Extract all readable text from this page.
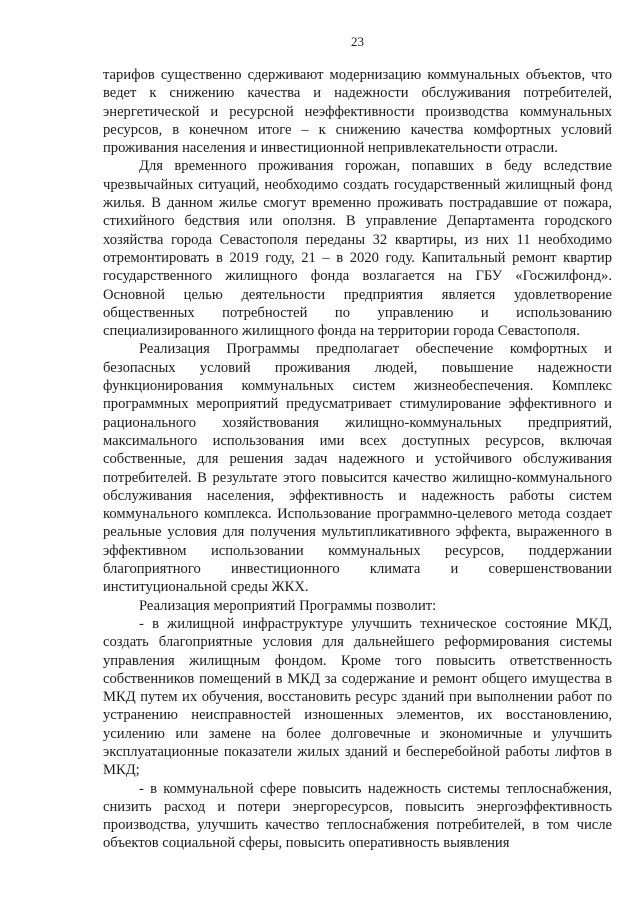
23

тарифов существенно сдерживают модернизацию коммунальных объектов, что ведет к снижению качества и надежности обслуживания потребителей, энергетической и ресурсной неэффективности производства коммунальных ресурсов, в конечном итоге – к снижению качества комфортных условий проживания населения и инвестиционной непривлекательности отрасли.

Для временного проживания горожан, попавших в беду вследствие чрезвычайных ситуаций, необходимо создать государственный жилищный фонд жилья. В данном жилье смогут временно проживать пострадавшие от пожара, стихийного бедствия или оползня. В управление Департамента городского хозяйства города Севастополя переданы 32 квартиры, из них 11 необходимо отремонтировать в 2019 году, 21 – в 2020 году. Капитальный ремонт квартир государственного жилищного фонда возлагается на ГБУ «Госжилфонд». Основной целью деятельности предприятия является удовлетворение общественных потребностей по управлению и использованию специализированного жилищного фонда на территории города Севастополя.

Реализация Программы предполагает обеспечение комфортных и безопасных условий проживания людей, повышение надежности функционирования коммунальных систем жизнеобеспечения. Комплекс программных мероприятий предусматривает стимулирование эффективного и рационального хозяйствования жилищно-коммунальных предприятий, максимального использования ими всех доступных ресурсов, включая собственные, для решения задач надежного и устойчивого обслуживания потребителей. В результате этого повысится качество жилищно-коммунального обслуживания населения, эффективность и надежность работы систем коммунального комплекса. Использование программно-целевого метода создает реальные условия для получения мультипликативного эффекта, выраженного в эффективном использовании коммунальных ресурсов, поддержании благоприятного инвестиционного климата и совершенствовании институциональной среды ЖКХ.

Реализация мероприятий Программы позволит:

- в жилищной инфраструктуре улучшить техническое состояние МКД, создать благоприятные условия для дальнейшего реформирования системы управления жилищным фондом. Кроме того повысить ответственность собственников помещений в МКД за содержание и ремонт общего имущества в МКД путем их обучения, восстановить ресурс зданий при выполнении работ по устранению неисправностей изношенных элементов, их восстановлению, усилению или замене на более долговечные и экономичные и улучшить эксплуатационные показатели жилых зданий и бесперебойной работы лифтов в МКД;

- в коммунальной сфере повысить надежность системы теплоснабжения, снизить расход и потери энергоресурсов, повысить энергоэффективность производства, улучшить качество теплоснабжения потребителей, в том числе объектов социальной сферы, повысить оперативность выявления
